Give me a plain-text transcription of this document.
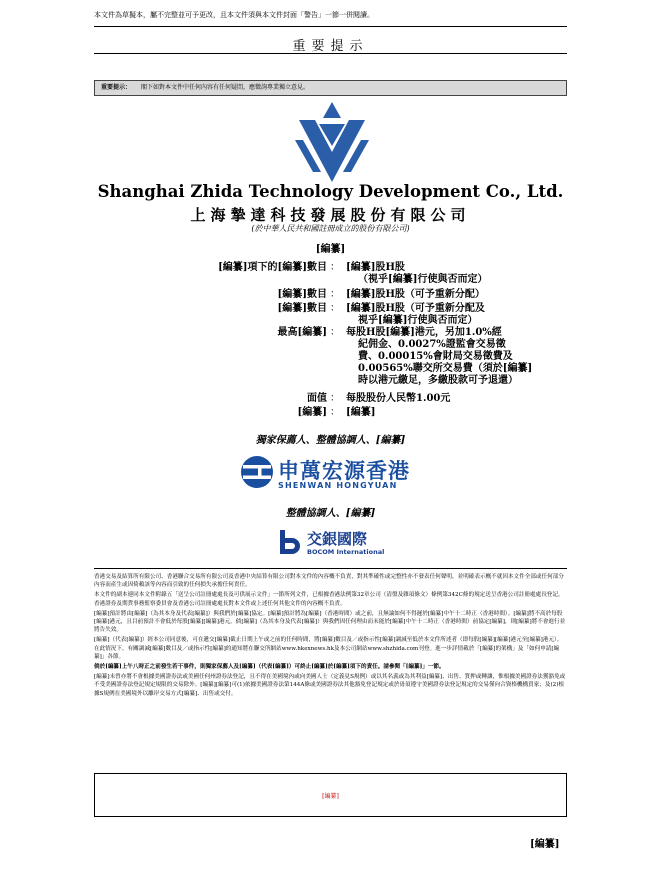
本文件為草擬本，屬不完整並可予更改，且本文件須與本文件封面「警告」一節一併閱讀。
重要提示
重要提示： 閣下如對本文件中任何內容有任何疑問，應徵詢專業獨立意見。
Shanghai Zhida Technology Development Co., Ltd.
上海摯達科技發展股份有限公司
(於中華人民共和國註冊成立的股份有限公司)
[編纂]
[編纂]項下的[編纂]數目 ： [編纂]股H股
（視乎[編纂]行使與否而定）
[編纂]數目 ： [編纂]股H股（可予重新分配）
[編纂]數目 ： [編纂]股H股（可予重新分配及
視乎[編纂]行使與否而定）
最高[編纂] ： 每股H股[編纂]港元，另加1.0%經
紀佣金、0.0027%證監會交易徵
費、0.00015%會財局交易徵費及
0.00565%聯交所交易費（須於[編纂]
時以港元繳足，多繳股款可予退還）
面值 ： 每股股份人民幣1.00元
[編纂] ： [編纂]
獨家保薦人、整體協調人、[編纂]
申萬宏源香港
SHENWAN HONGYUAN
整體協調人、[編纂]
交銀國際
BOCOM International

香港交易及結算所有限公司、香港聯合交易所有限公司及香港中央結算有限公司對本文件的內容概不負責，對其準確性或完整性亦不發表任何聲明，並明確表示概不就因本文件全部或任何部分內容而產生或因倚賴該等內容而引致的任何損失承擔任何責任。

本文件的副本連同本文件附錄五「送呈公司註冊處處長及可供展示文件」一節所列文件，已根據香港法例第32章公司（清盤及雜項條文）條例第342C條的規定送呈香港公司註冊處處長登記。香港證券及期貨事務監察委員會及香港公司註冊處處長對本文件或上述任何其他文件的內容概不負責。

[編纂]預計將由[編纂]（為其本身及代表[編纂]）與我們於[編纂]協定。[編纂]預計將為[編纂]（香港時間）或之前，且無論如何不得遲於[編纂]中午十二時正（香港時間）。[編纂]將不高於每股[編纂]港元，且目前預計不會低於每股[編纂][編纂]港元。倘[編纂]（為其本身及代表[編纂]）與我們因任何理由而未能於[編纂]中午十二時正（香港時間）前協定[編纂]，則[編纂]將不會進行並將告失效。

[編纂]（代表[編纂]）經本公司同意後，可在遞交[編纂]截止日期上午或之前的任何時間，將[編纂]數目及／或指示性[編纂]調減至低於本文件所述者（即每股[編纂][編纂]港元至[編纂]港元）。在此情況下，有關調減[編纂]數目及／或指示性[編纂]的通知將在聯交所網站www.hkexnews.hk及本公司網站www.shzhida.com刊登。進一步詳情載於「[編纂]的架構」及「如何申請[編纂]」各節。

倘於[編纂]上午八時正之前發生若干事件，則獨家保薦人及[編纂]（代表[編纂]）可終止[編纂]於[編纂]項下的責任。請參閱「[編纂]」一節。

[編纂]未曾亦將不會根據美國證券法或美國任何州證券法登記，且不得在美國境內或向美國人士（定義見S規例）或以其名義或為其利益[編纂]、出售、質押或轉讓，惟根據美國證券法獲豁免或不受美國證券法登記規定規限的交易除外。[編纂][編纂]可(1)依據美國證券法第144A條或美國證券法其他豁免登記規定或於毋須遵守美國證券法登記規定的交易僅向合資格機構買家；及(2)根據S規例在美國境外以離岸交易方式[編纂]、出售或交付。

[編纂]
[編纂]
